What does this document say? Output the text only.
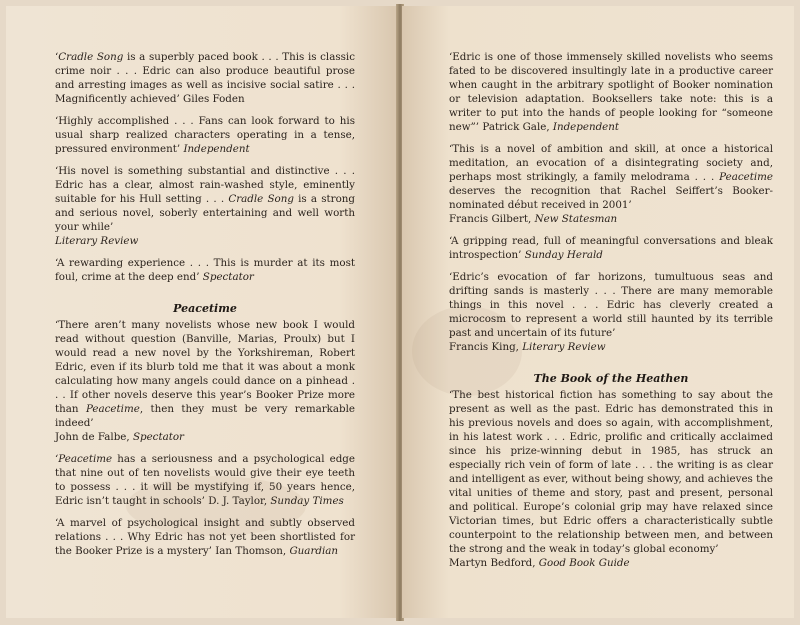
‘Cradle Song is a superbly paced book . . . This is classic crime noir . . . Edric can also produce beautiful prose and arresting images as well as incisive social satire . . . Magnificently achieved’ Giles Foden

‘Highly accomplished . . . Fans can look forward to his usual sharp realized characters operating in a tense, pressured environment’ Independent

‘His novel is something substantial and distinctive . . . Edric has a clear, almost rain-washed style, eminently suitable for his Hull setting . . . Cradle Song is a strong and serious novel, soberly entertaining and well worth your while’
Literary Review

‘A rewarding experience . . . This is murder at its most foul, crime at the deep end’ Spectator

Peacetime

‘There aren’t many novelists whose new book I would read without question (Banville, Marias, Proulx) but I would read a new novel by the Yorkshireman, Robert Edric, even if its blurb told me that it was about a monk calculating how many angels could dance on a pinhead . . . If other novels deserve this year’s Booker Prize more than Peacetime, then they must be very remarkable indeed’
John de Falbe, Spectator

‘Peacetime has a seriousness and a psychological edge that nine out of ten novelists would give their eye teeth to possess . . . it will be mystifying if, 50 years hence, Edric isn’t taught in schools’ D. J. Taylor, Sunday Times

‘A marvel of psychological insight and subtly observed relations . . . Why Edric has not yet been shortlisted for the Booker Prize is a mystery’ Ian Thomson, Guardian

‘Edric is one of those immensely skilled novelists who seems fated to be discovered insultingly late in a productive career when caught in the arbitrary spotlight of Booker nomination or television adaptation. Booksellers take note: this is a writer to put into the hands of people looking for “someone new”’ Patrick Gale, Independent

‘This is a novel of ambition and skill, at once a historical meditation, an evocation of a disintegrating society and, perhaps most strikingly, a family melodrama . . . Peacetime deserves the recognition that Rachel Seiffert’s Booker-nominated début received in 2001’
Francis Gilbert, New Statesman

‘A gripping read, full of meaningful conversations and bleak introspection’ Sunday Herald

‘Edric’s evocation of far horizons, tumultuous seas and drifting sands is masterly . . . There are many memorable things in this novel . . . Edric has cleverly created a microcosm to represent a world still haunted by its terrible past and uncertain of its future’
Francis King, Literary Review

The Book of the Heathen

‘The best historical fiction has something to say about the present as well as the past. Edric has demonstrated this in his previous novels and does so again, with accomplishment, in his latest work . . . Edric, prolific and critically acclaimed since his prize-winning debut in 1985, has struck an especially rich vein of form of late . . . the writing is as clear and intelligent as ever, without being showy, and achieves the vital unities of theme and story, past and present, personal and political. Europe’s colonial grip may have relaxed since Victorian times, but Edric offers a characteristically subtle counterpoint to the relationship between men, and between the strong and the weak in today’s global economy’
Martyn Bedford, Good Book Guide
